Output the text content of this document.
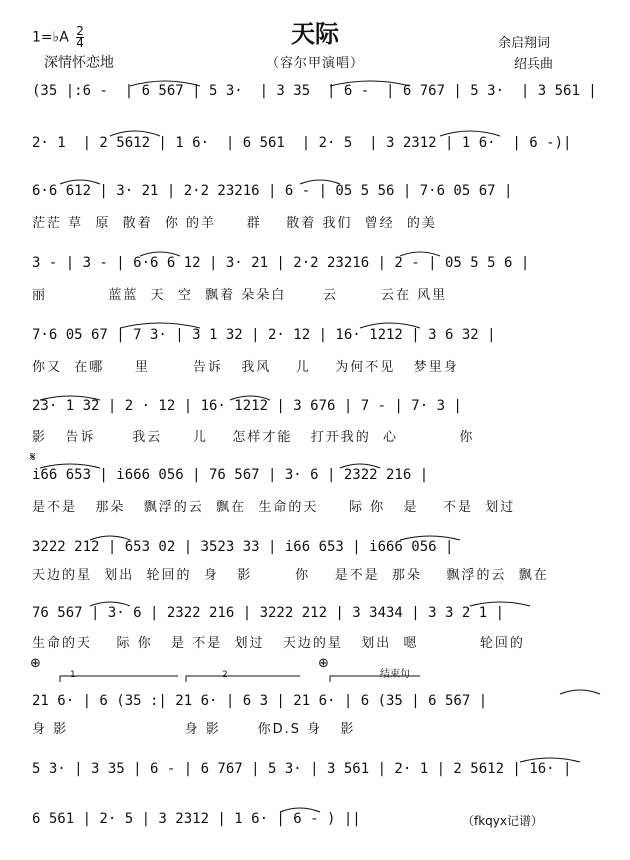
1=♭A $\frac{2}{4}$	天际	余启翔词
深情怀恋地	（容尔甲演唱）	绍兵曲
(35 |:6 -  | 6 567 | 5 3·  | 3 35  | 6 -  | 6 767 | 5 3·  | 3 561 |
2· 1  | 2 5612 | 1 6·  | 6 561  | 2· 5  | 3 2312 | 1 6·  | 6 -)|
6·6 612 | 3· 21 | 2·2 23216 | 6 - | 05 5 56 | 7·6 05 67 |
茫茫 草  原  散着  你 的羊     群    散着 我们  曾经  的美
3 - | 3 - | 6·6 6 12 | 3· 21 | 2·2 23216 | 2 - | 05 5 5 6 |
丽          蓝蓝  天  空  飘着 朵朵白      云       云在 风里
7·6 05 67 | 7 3· | 3 1 32 | 2· 12 | 16· 1212 | 3 6 32 |
你又  在哪     里       告诉   我风    儿    为何不见   梦里身
23· 1 32 | 2 · 12 | 16· 1212 | 3 676 | 7 - | 7· 3 |
影   告诉      我云     儿    怎样才能   打开我的  心          你
𝄋
i66 653 | i666 056 | 76 567 | 3· 6 | 2322 216 |
是不是   那朵   飘浮的云  飘在  生命的天     际 你   是    不是  划过
3222 212 | 653 02 | 3523 33 | i66 653 | i666 056 |
天边的星  划出  轮回的  身   影       你    是不是  那朵    飘浮的云  飘在
76 567 | 3· 6 | 2322 216 | 3222 212 | 3 3434 | 3 3 2 1 |
生命的天    际 你   是 不是  划过   天边的星   划出  嗯          轮回的
⊕	⊕
结束句
1	2
21 6· | 6 (35 :| 21 6· | 6 3 | 21 6· | 6 (35 | 6 567 |
身 影                   身 影      你D.S 身   影
5 3· | 3 35 | 6 - | 6 767 | 5 3· | 3 561 | 2· 1 | 2 5612 | 16· |
6 561 | 2· 5 | 3 2312 | 1 6· | 6 - ) ||	（fkqyx记谱）
